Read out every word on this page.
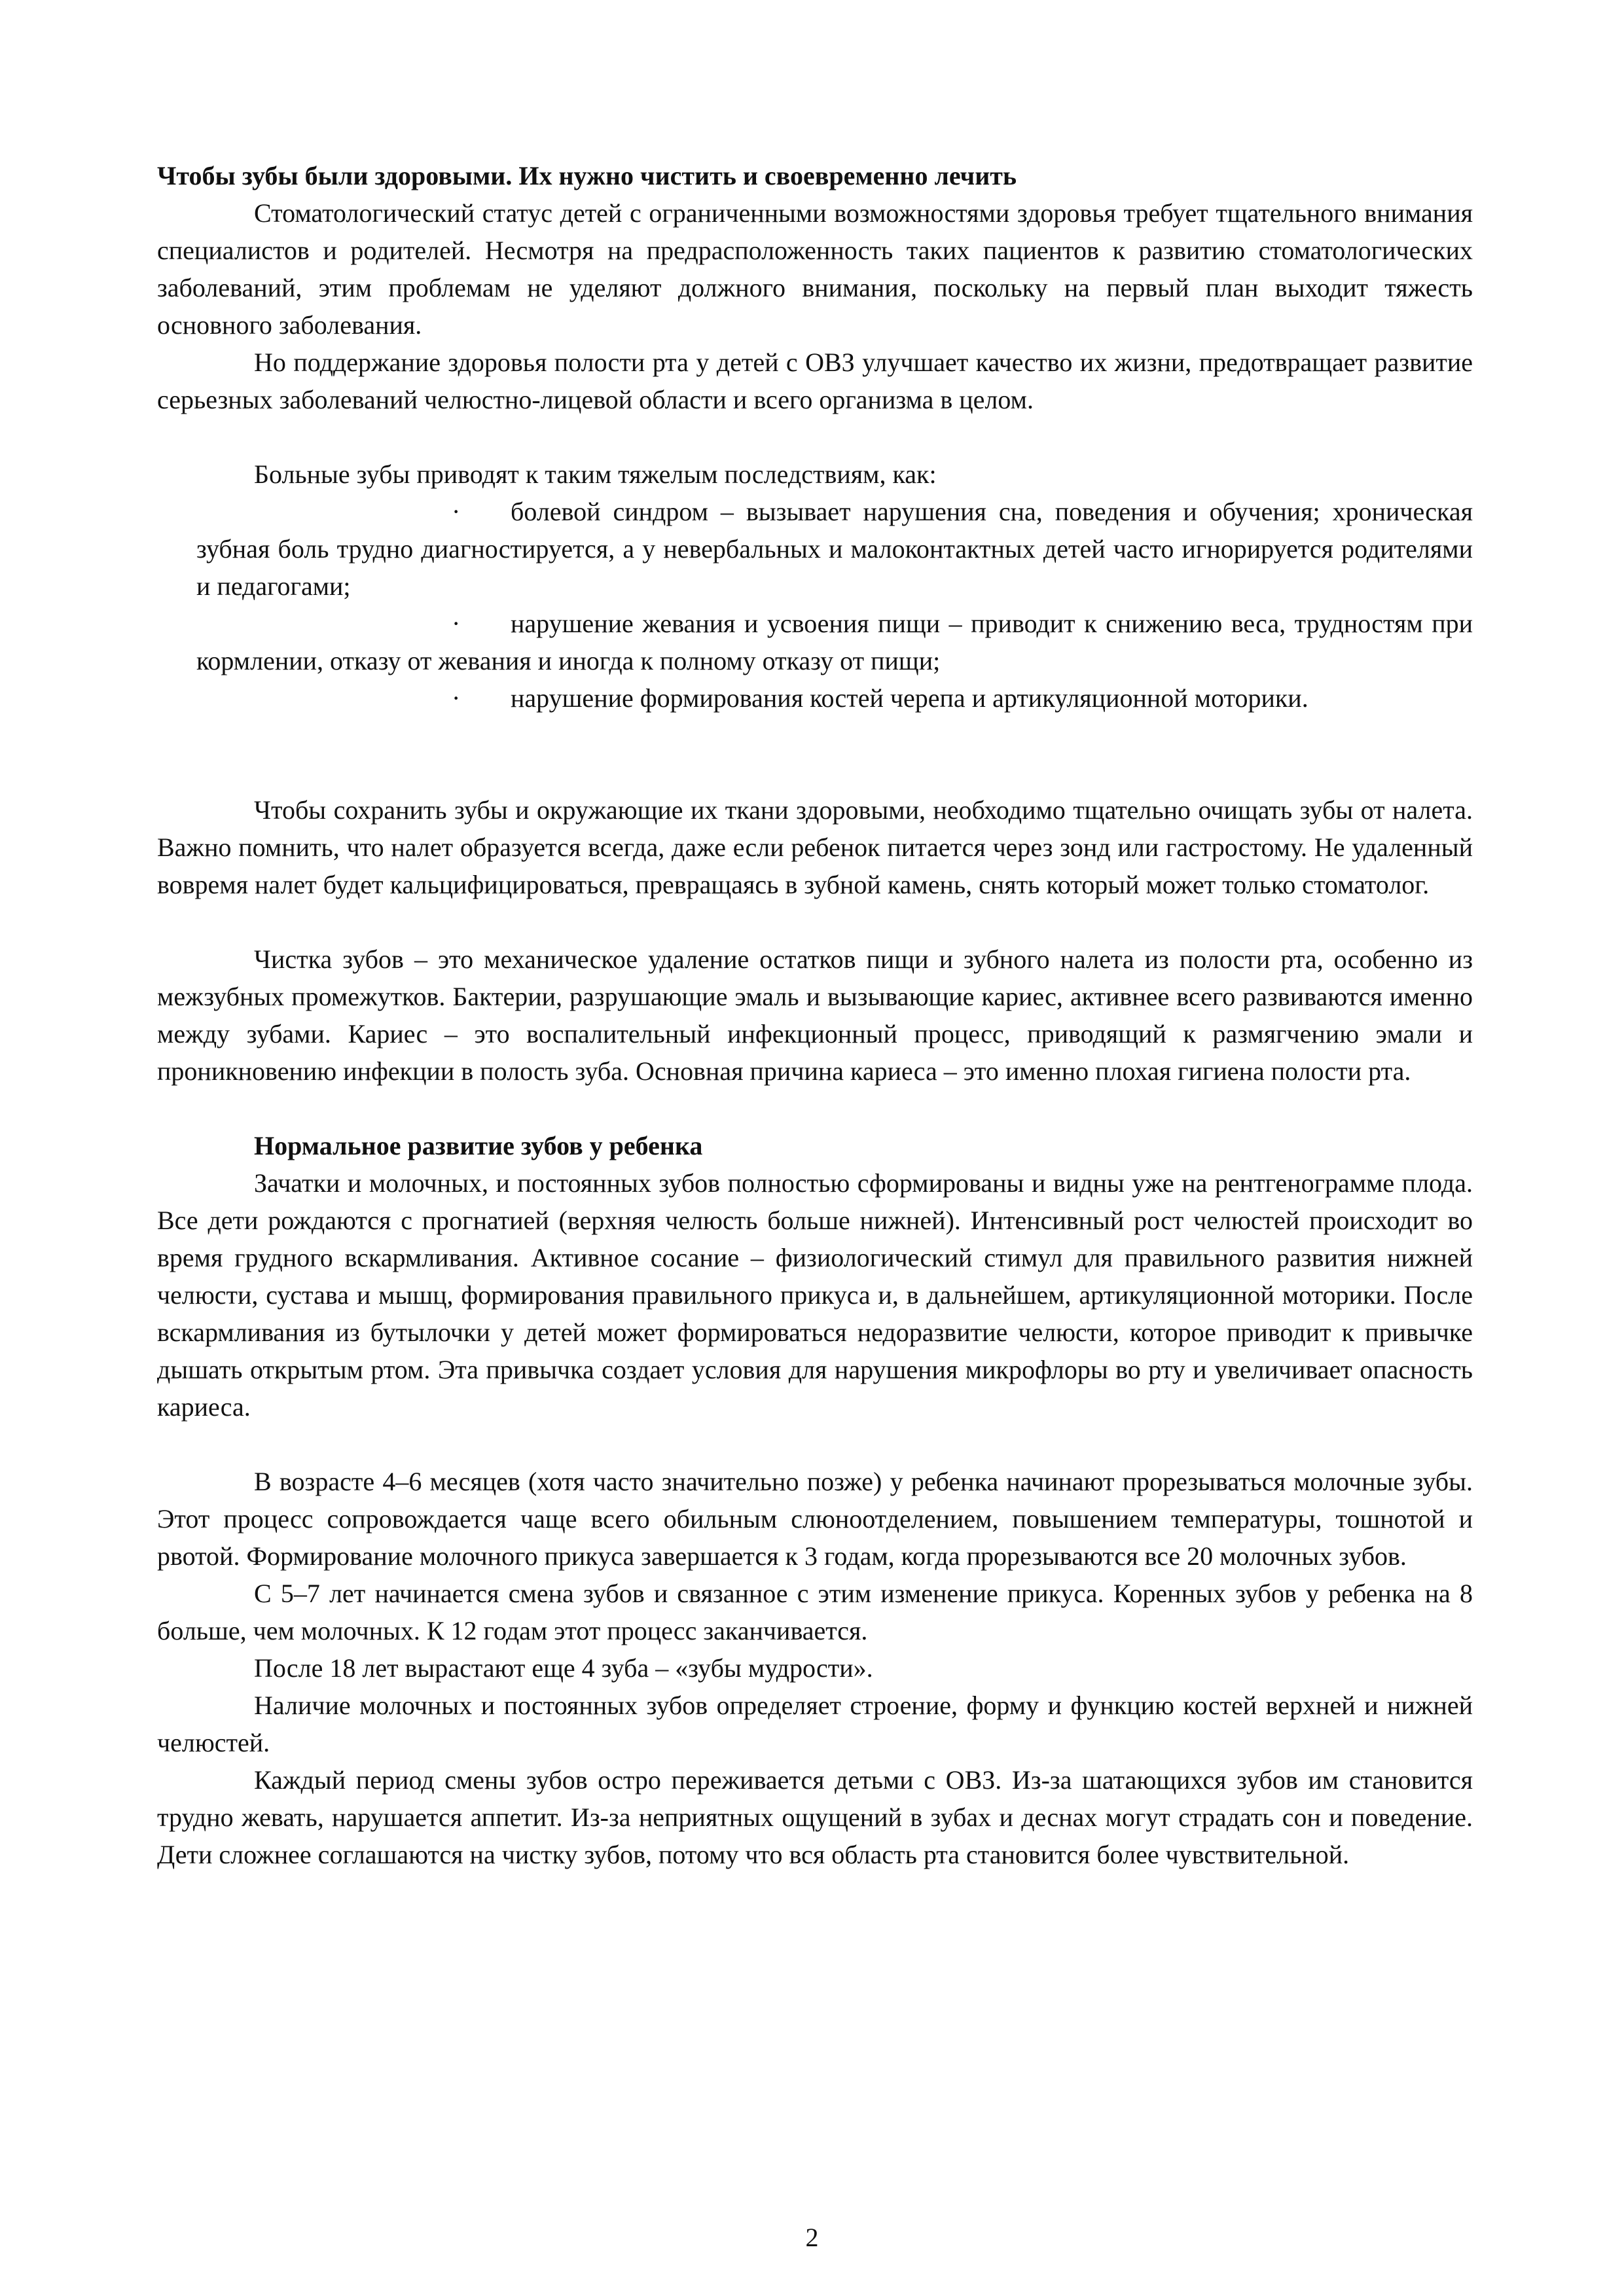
Чтобы зубы были здоровыми. Их нужно чистить и своевременно лечить

Стоматологический статус детей с ограниченными возможностями здоровья требует тщательного внимания специалистов и родителей. Несмотря на предрасположенность таких пациентов к развитию стоматологических заболеваний, этим проблемам не уделяют должного внимания, поскольку на первый план выходит тяжесть основного заболевания.

Но поддержание здоровья полости рта у детей с ОВЗ улучшает качество их жизни, предотвращает развитие серьезных заболеваний челюстно-лицевой области и всего организма в целом.

Больные зубы приводят к таким тяжелым последствиям, как:

· болевой синдром – вызывает нарушения сна, поведения и обучения; хроническая зубная боль трудно диагностируется, а у невербальных и малоконтактных детей часто игнорируется родителями и педагогами;

· нарушение жевания и усвоения пищи – приводит к снижению веса, трудностям при кормлении, отказу от жевания и иногда к полному отказу от пищи;

· нарушение формирования костей черепа и артикуляционной моторики.

Чтобы сохранить зубы и окружающие их ткани здоровыми, необходимо тщательно очищать зубы от налета. Важно помнить, что налет образуется всегда, даже если ребенок питается через зонд или гастростому. Не удаленный вовремя налет будет кальцифицироваться, превращаясь в зубной камень, снять который может только стоматолог.

Чистка зубов – это механическое удаление остатков пищи и зубного налета из полости рта, особенно из межзубных промежутков. Бактерии, разрушающие эмаль и вызывающие кариес, активнее всего развиваются именно между зубами. Кариес – это воспалительный инфекционный процесс, приводящий к размягчению эмали и проникновению инфекции в полость зуба. Основная причина кариеса – это именно плохая гигиена полости рта.

Нормальное развитие зубов у ребенка

Зачатки и молочных, и постоянных зубов полностью сформированы и видны уже на рентгенограмме плода. Все дети рождаются с прогнатией (верхняя челюсть больше нижней). Интенсивный рост челюстей происходит во время грудного вскармливания. Активное сосание – физиологический стимул для правильного развития нижней челюсти, сустава и мышц, формирования правильного прикуса и, в дальнейшем, артикуляционной моторики. После вскармливания из бутылочки у детей может формироваться недоразвитие челюсти, которое приводит к привычке дышать открытым ртом. Эта привычка создает условия для нарушения микрофлоры во рту и увеличивает опасность кариеса.

В возрасте 4–6 месяцев (хотя часто значительно позже) у ребенка начинают прорезываться молочные зубы. Этот процесс сопровождается чаще всего обильным слюноотделением, повышением температуры, тошнотой и рвотой. Формирование молочного прикуса завершается к 3 годам, когда прорезываются все 20 молочных зубов.

С 5–7 лет начинается смена зубов и связанное с этим изменение прикуса. Коренных зубов у ребенка на 8 больше, чем молочных. К 12 годам этот процесс заканчивается.

После 18 лет вырастают еще 4 зуба – «зубы мудрости».

Наличие молочных и постоянных зубов определяет строение, форму и функцию костей верхней и нижней челюстей.

Каждый период смены зубов остро переживается детьми с ОВЗ. Из-за шатающихся зубов им становится трудно жевать, нарушается аппетит. Из-за неприятных ощущений в зубах и деснах могут страдать сон и поведение. Дети сложнее соглашаются на чистку зубов, потому что вся область рта становится более чувствительной.

2
